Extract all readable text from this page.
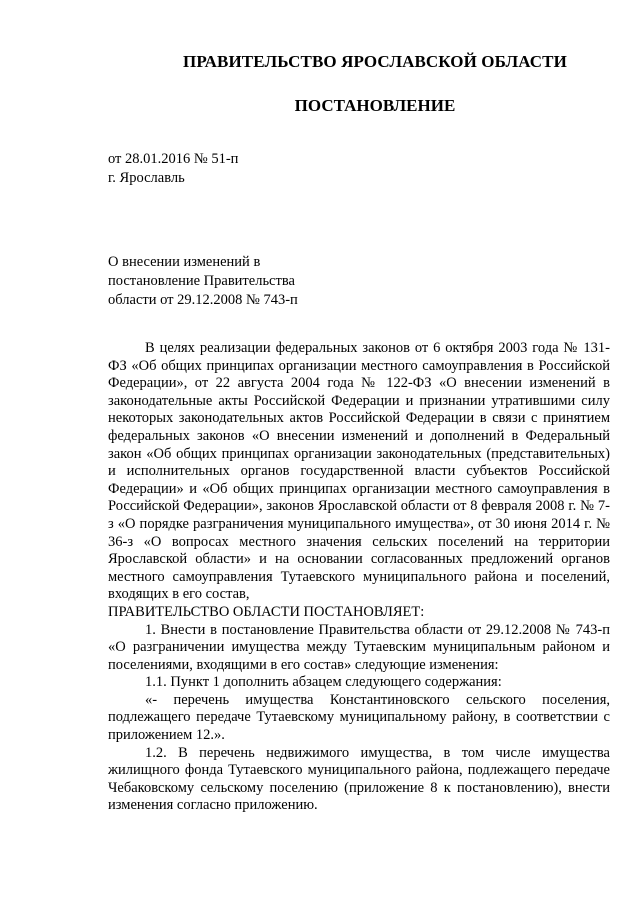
ПРАВИТЕЛЬСТВО ЯРОСЛАВСКОЙ ОБЛАСТИ
ПОСТАНОВЛЕНИЕ
от 28.01.2016 № 51-п
г. Ярославль
О внесении изменений в
постановление Правительства
области от 29.12.2008 № 743-п

В целях реализации федеральных законов от 6 октября 2003 года № 131-ФЗ «Об общих принципах организации местного самоуправления в Российской Федерации», от 22 августа 2004 года № 122-ФЗ «О внесении изменений в законодательные акты Российской Федерации и признании утратившими силу некоторых законодательных актов Российской Федерации в связи с принятием федеральных законов «О внесении изменений и дополнений в Федеральный закон «Об общих принципах организации законодательных (представительных) и исполнительных органов государственной власти субъектов Российской Федерации» и «Об общих принципах организации местного самоуправления в Российской Федерации», законов Ярославской области от 8 февраля 2008 г. № 7-з «О порядке разграничения муниципального имущества», от 30 июня 2014 г. № 36-з «О вопросах местного значения сельских поселений на территории Ярославской области» и на основании согласованных предложений органов местного самоуправления Тутаевского муниципального района и поселений, входящих в его состав,

ПРАВИТЕЛЬСТВО ОБЛАСТИ ПОСТАНОВЛЯЕТ:

1. Внести в постановление Правительства области от 29.12.2008 № 743-п «О разграничении имущества между Тутаевским муниципальным районом и поселениями, входящими в его состав» следующие изменения:

1.1. Пункт 1 дополнить абзацем следующего содержания:

«- перечень имущества Константиновского сельского поселения, подлежащего передаче Тутаевскому муниципальному району, в соответствии с приложением 12.».

1.2. В перечень недвижимого имущества, в том числе имущества жилищного фонда Тутаевского муниципального района, подлежащего передаче Чебаковскому сельскому поселению (приложение 8 к постановлению), внести изменения согласно приложению.
